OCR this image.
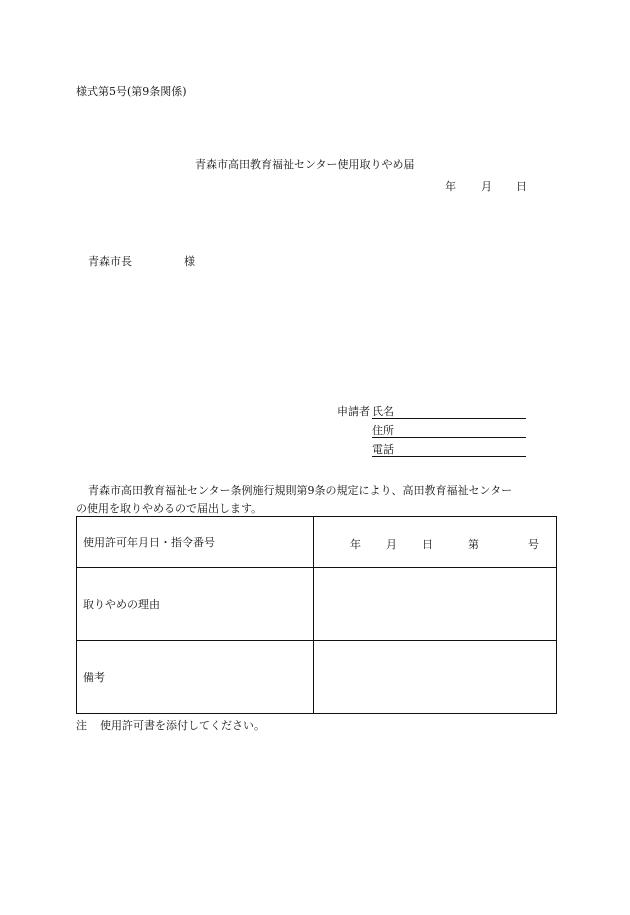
様式第5号(第9条関係)
青森市高田教育福祉センター使用取りやめ届
年 月 日
青森市長	様
申請者 氏名
住所
電話
青森市高田教育福祉センター条例施行規則第9条の規定により、高田教育福祉センター
の使用を取りやめるので届出します。
使用許可年月日・指令番号	年 月 日 第 号

取りやめの理由	
備考	
注 使用許可書を添付してください。
